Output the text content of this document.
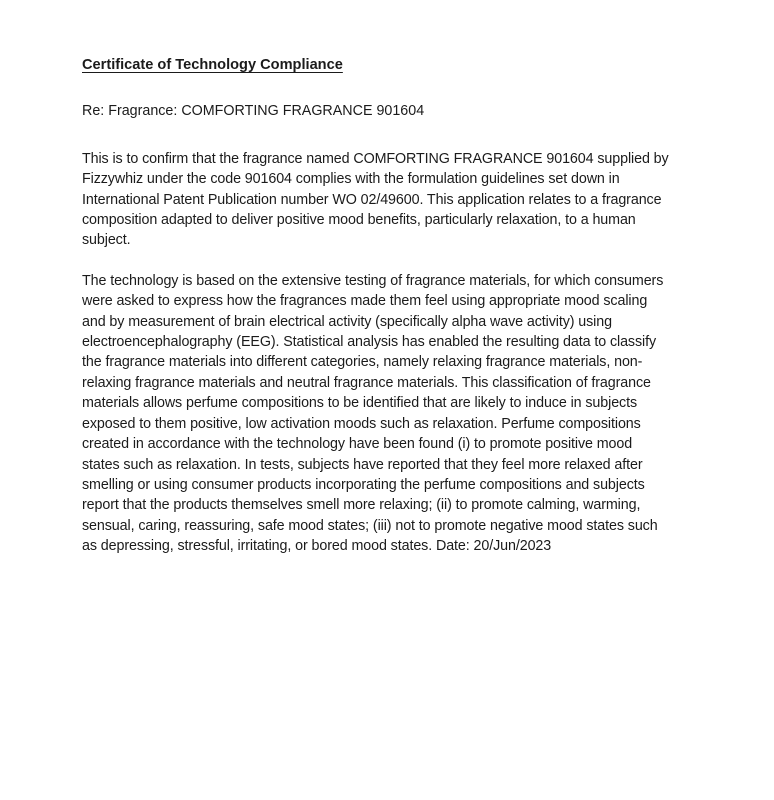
Certificate of Technology Compliance
Re: Fragrance: COMFORTING FRAGRANCE 901604
This is to confirm that the fragrance named COMFORTING FRAGRANCE 901604 supplied by
Fizzywhiz under the code 901604 complies with the formulation guidelines set down in
International Patent Publication number WO 02/49600. This application relates to a fragrance
composition adapted to deliver positive mood benefits, particularly relaxation, to a human
subject.
The technology is based on the extensive testing of fragrance materials, for which consumers
were asked to express how the fragrances made them feel using appropriate mood scaling
and by measurement of brain electrical activity (specifically alpha wave activity) using
electroencephalography (EEG). Statistical analysis has enabled the resulting data to classify
the fragrance materials into different categories, namely relaxing fragrance materials, non-
relaxing fragrance materials and neutral fragrance materials. This classification of fragrance
materials allows perfume compositions to be identified that are likely to induce in subjects
exposed to them positive, low activation moods such as relaxation. Perfume compositions
created in accordance with the technology have been found (i) to promote positive mood
states such as relaxation. In tests, subjects have reported that they feel more relaxed after
smelling or using consumer products incorporating the perfume compositions and subjects
report that the products themselves smell more relaxing; (ii) to promote calming, warming,
sensual, caring, reassuring, safe mood states; (iii) not to promote negative mood states such
as depressing, stressful, irritating, or bored mood states. Date: 20/Jun/2023
